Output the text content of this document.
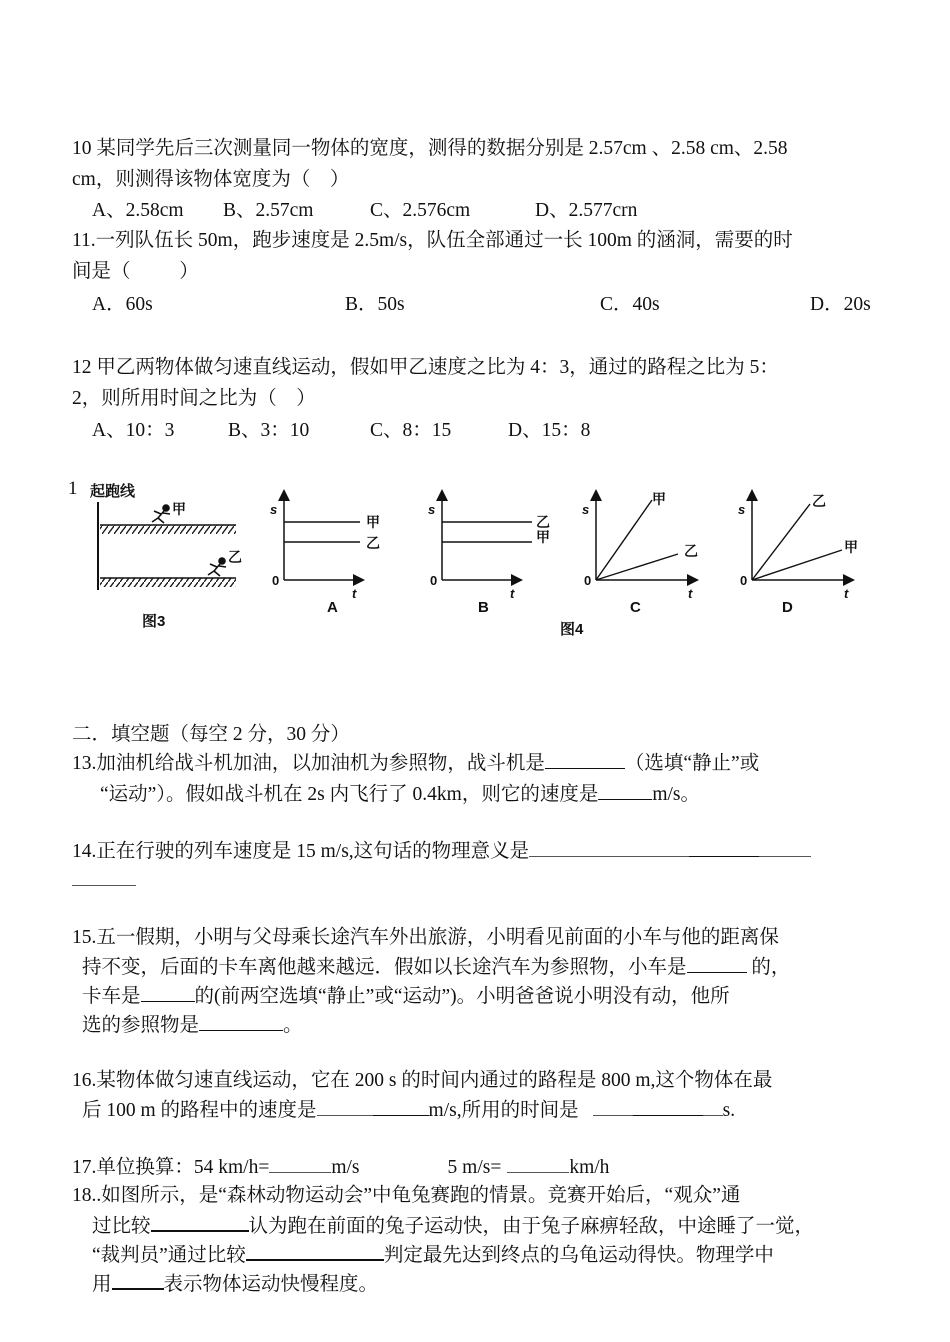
10 某同学先后三次测量同一物体的宽度，测得的数据分别是 2.57cm 、2.58 cm、2.58
cm，则测得该物体宽度为（    ）
A、2.58cm B、2.57cm	C、2.576cm	D、2.577crn
11.一列队伍长 50m，跑步速度是 2.5m/s，队伍全部通过一长 100m 的涵洞，需要的时
间是（          ）
A．60s	B．50s	C．40s	D．20s
12 甲乙两物体做匀速直线运动，假如甲乙速度之比为 4：3，通过的路程之比为 5：
2，则所用时间之比为（    ）
A、10：3	B、3：10	C、8：15	D、15：8
1 起跑线
甲
乙
图3
s
t
0
甲
乙
A
s
t
0
乙
甲
B
s
t
0
甲
乙
C
s
t
0
乙
甲
D
图4
二．填空题（每空 2 分，30 分）
13.加油机给战斗机加油，以加油机为参照物，战斗机是	（选填“静止”或
“运动”）。假如战斗机在 2s 内飞行了 0.4km，则它的速度是	m/s。
14.正在行驶的列车速度是 15 m/s,这句话的物理意义是
15.五一假期，小明与父母乘长途汽车外出旅游，小明看见前面的小车与他的距离保
持不变，后面的卡车离他越来越远．假如以长途汽车为参照物，小车是	的，
卡车是	的(前两空选填“静止”或“运动”)。小明爸爸说小明没有动，他所
选的参照物是	。
16.某物体做匀速直线运动，它在 200 s 的时间内通过的路程是 800 m,这个物体在最
后 100 m 的路程中的速度是	m/s,所用的时间是	s.
17.单位换算：54 km/h=	m/s	5 m/s=	km/h
18..如图所示，是“森林动物运动会”中龟兔赛跑的情景。竞赛开始后，“观众”通
过比较	认为跑在前面的兔子运动快，由于兔子麻痹轻敌，中途睡了一觉，
“裁判员”通过比较	判定最先达到终点的乌龟运动得快。物理学中
用	表示物体运动快慢程度。
